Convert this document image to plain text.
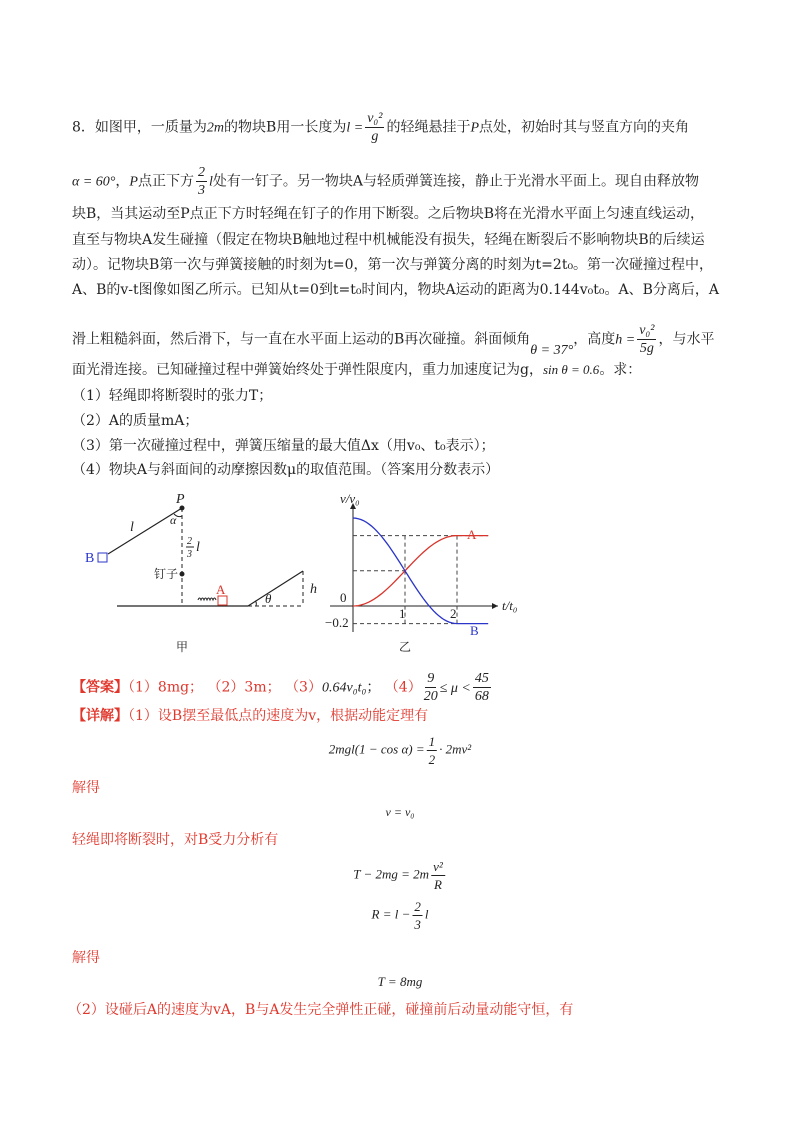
8．如图甲，一质量为2m的物块B用一长度为$l = \frac{\text{v₀²}}{g}$ 的轻绳悬挂于P点处，初始时其与竖直方向的夹角
α = 60°，P点正下方 $\frac{2}{3}$ l处有一钉子。另一物块A与轻质弹簧连接，静止于光滑水平面上。现自由释放物
块B，当其运动至P点正下方时轻绳在钉子的作用下断裂。之后物块B将在光滑水平面上匀速直线运动，
直至与物块A发生碰撞（假定在物块B触地过程中机械能没有损失，轻绳在断裂后不影响物块B的后续运
动）。记物块B第一次与弹簧接触的时刻为t=0，第一次与弹簧分离的时刻为t=2t₀。第一次碰撞过程中，
A、B的v-t图像如图乙所示。已知从t=0到t=t₀时间内，物块A运动的距离为0.144v₀t₀。A、B分离后，A
滑上粗糙斜面，然后滑下，与一直在水平面上运动的B再次碰撞。斜面倾角θ = 37°，高度$h = \frac{\text{v₀²}}{5g}$ ，与水平
面光滑连接。已知碰撞过程中弹簧始终处于弹性限度内，重力加速度记为g，sin θ = 0.6。求：
（1）轻绳即将断裂时的张力T；
（2）A的质量mA；
（3）第一次碰撞过程中，弹簧压缩量的最大值Δx（用v₀、t₀表示）；
（4）物块A与斜面间的动摩擦因数μ的取值范围。（答案用分数表示）
P
α
l
2
3 l
B
钉子
A
θ
h
甲
v/v₀
t/t₀
0
1	2
−0.2
A
B
乙
【答案】（1）8mg； （2）3m； （3）0.64v₀t₀； $(4) \frac{9}{20} \le \mu < \frac{45}{68}$
【详解】（1）设B摆至最低点的速度为v，根据动能定理有
$2mgl(1 - \cos \alpha) = \frac{1}{2} \cdot 2mv^2$
解得
v = v₀
轻绳即将断裂时，对B受力分析有
$T - 2mg = 2m \frac{\text{v²}}{R}$
$R = l - \frac{2}{3}$ l
解得
T = 8mg
（2）设碰后A的速度为vA，B与A发生完全弹性正碰，碰撞前后动量动能守恒，有
